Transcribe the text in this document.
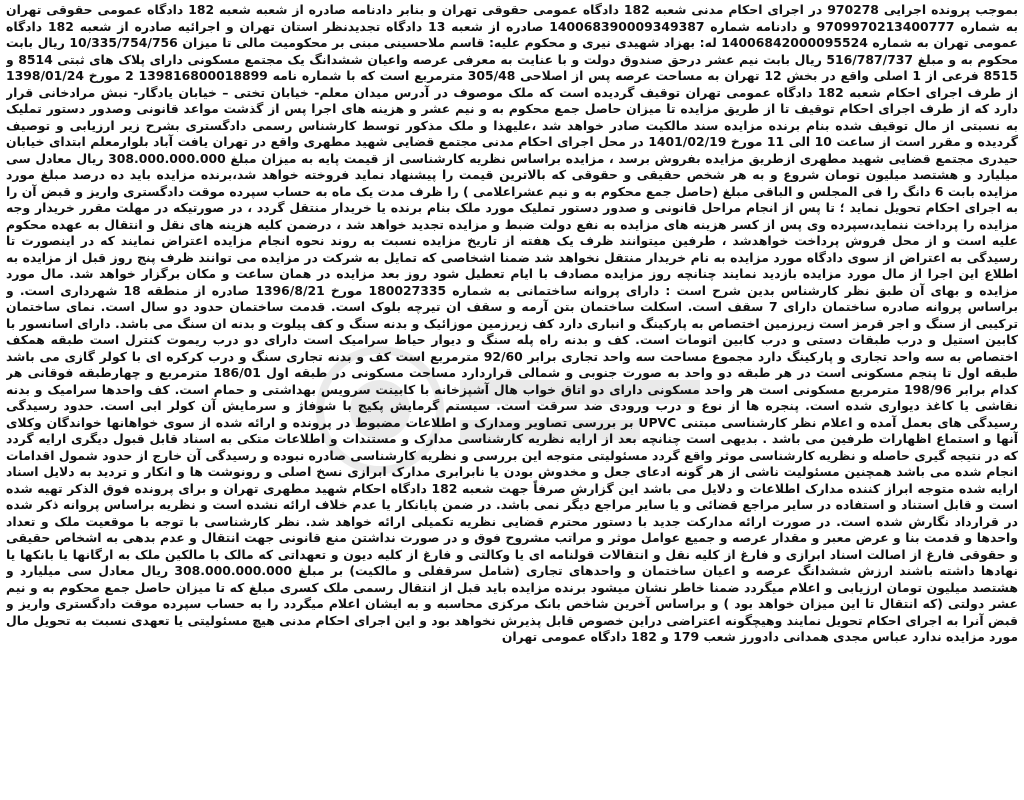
بموجب پرونده اجرایی 970278 در اجرای احکام مدنی شعبه 182 دادگاه عمومی حقوقی تهران و بنابر دادنامه صادره از شعبه شعبه 182 دادگاه عمومی حقوقی تهران به شماره 9709970213400777 و دادنامه شماره 140068390009349387 صادره از شعبه 13 دادگاه تجدیدنظر استان تهران و اجرائیه صادره از شعبه 182 دادگاه عمومی تهران به شماره 14006842000095524 له: بهزاد شهیدی نیری و محکوم علیه: قاسم ملاحسینی مبنی بر محکومیت مالی تا میزان 10/335/754/756 ریال بابت محکوم به و مبلغ 516/787/737 ریال بابت نیم عشر درحق صندوق دولت و با عنایت به معرفی عرصه واعیان ششدانگ یک مجتمع مسکونی دارای پلاک های ثبتی 8514 و 8515 فرعی از 1 اصلی واقع در بخش 12 تهران به مساحت عرصه پس از اصلاحی 305/48 مترمربع است که با شماره نامه 139816800018899 2 مورخ 1398/01/24 از طرف اجرای احکام شعبه 182 دادگاه عمومی تهران توقیف گردیده است که ملک موصوف در آدرس میدان معلم- خیابان تختی – خیابان یادگار- نبش مرادخانی قرار دارد که از طرف اجرای احکام توقیف تا از طریق مزایده تا میزان حاصل جمع محکوم به و نیم عشر و هزینه های اجرا پس از گذشت مواعد قانونی وصدور دستور تملیک به نسبتی از مال توقیف شده بنام برنده مزایده سند مالکیت صادر خواهد شد ،علیهذا و ملک مذکور توسط کارشناس رسمی دادگستری بشرح زیر ارزیابی و توصیف گردیده و مقرر است از ساعت 10 الی 11 مورخ 1401/02/19 در محل اجرای احکام مدنی مجتمع قضایی شهید مطهری واقع در تهران یافت آباد بلوارمعلم ابتدای خیابان حیدری مجتمع قضایی شهید مطهری ازطریق مزایده بفروش برسد ، مزایده براساس نظریه کارشناسی از قیمت پایه به میزان مبلغ 308.000.000.000 ریال معادل سی میلیارد و هشتصد میلیون تومان شروع و به هر شخص حقیقی و حقوقی که بالاترین قیمت را پیشنهاد نماید فروخته خواهد شد،برنده مزایده باید ده درصد مبلغ مورد مزایده بابت 6 دانگ را فی المجلس و الباقی مبلغ (حاصل جمع محکوم به و نیم عشراعلامی ) را ظرف مدت یک ماه به حساب سپرده موقت دادگستری واریز و قبض آن را به اجرای احکام تحویل نماید ؛ تا پس از انجام مراحل قانونی و صدور دستور تملیک مورد ملک بنام برنده یا خریدار منتقل گردد ، در صورتیکه در مهلت مقرر خریدار وجه مزایده را پرداخت ننماید،سپرده وی پس از کسر هزینه های مزایده به نفع دولت ضبط و مزایده تجدید خواهد شد ، درضمن کلیه هزینه های نقل و انتقال به عهده محکوم علیه است و از محل فروش پرداخت خواهدشد ، طرفین میتوانند ظرف یک هفته از تاریخ مزایده نسبت به روند نحوه انجام مزایده اعتراض نمایند که در اینصورت تا رسیدگی به اعتراض از سوی دادگاه مورد مزایده به نام خریدار منتقل نخواهد شد ضمنا اشخاصی که تمایل به شرکت در مزایده می توانند ظرف پنج روز قبل از مزایده به اطلاع این اجرا از مال مورد مزایده بازدید نمایند چنانچه روز مزایده مصادف با ایام تعطیل شود روز بعد مزایده در همان ساعت و مکان برگزار خواهد شد. مال مورد مزایده و بهای آن طبق نظر کارشناس بدین شرح است : دارای پروانه ساختمانی به شماره 180027335 مورخ 1396/8/21 صادره از منطقه 18 شهرداری است. و براساس پروانه صادره ساختمان دارای 7 سقف است. اسکلت ساختمان بتن آرمه و سقف ان تیرچه بلوک است. قدمت ساختمان حدود دو سال است. نمای ساختمان ترکیبی از سنگ و اجر قرمز است زیرزمین اختصاص به پارکینگ و انباری دارد کف زیرزمین موزائیک و بدنه سنگ و کف پیلوت و بدنه ان سنگ می باشد. دارای اسانسور با کابین استیل و درب طبقات دستی و درب کابین اتومات است. کف و بدنه راه پله سنگ و دیوار حیاط سرامیک است دارای دو درب ریموت کنترل است طبقه همکف اختصاص به سه واحد تجاری و پارکینگ دارد مجموع مساحت سه واحد تجاری برابر 92/60 مترمربع است کف و بدنه تجاری سنگ و درب کرکره ای با کولر گازی می باشد طبقه اول تا پنجم مسکونی است در هر طبقه دو واحد به صورت جنوبی و شمالی قراردارد مساحت مسکونی در طبقه اول 186/01 مترمربع و چهارطبقه فوقانی هر کدام برابر 198/96 مترمربع مسکونی است هر واحد مسکونی دارای دو اتاق خواب هال آشپزخانه با کابینت سرویس بهداشتی و حمام است. کف واحدها سرامیک و بدنه نقاشی یا کاغذ دیواری شده است. پنجره ها از نوع و درب ورودی ضد سرقت است. سیستم گرمایش پکیج با شوفاژ و سرمایش آن کولر ابی است. حدود رسیدگی رسیدگی های بعمل آمده و اعلام نظر کارشناسی مبتنی UPVC بر بررسی تصاویر ومدارک و اطلاعات مضبوط در پرونده و ارائه شده از سوی خواهانها خواندگان وکلای آنها و استماع اظهارات طرفین می باشد . بدیهی است چنانچه بعد از ارایه نظریه کارشناسی مدارک و مستندات و اطلاعات متکی به اسناد قابل قبول دیگری ارایه گردد که در نتیجه گیری حاصله و نظریه کارشناسی موثر واقع گردد مسئولیتی متوجه این بررسی و نظریه کارشناسی صادره نبوده و رسیدگی آن خارج از حدود شمول اقدامات انجام شده می باشد همچنین مسئولیت ناشی از هر گونه ادعای جعل و مخدوش بودن یا نابرابری مدارک ابرازی نسخ اصلی و رونوشت ها و انکار و تردید به دلایل اسناد ارایه شده متوجه ابراز کننده مدارک اطلاعات و دلایل می باشد این گزارش صرفاً جهت شعبه 182 دادگاه احکام شهید مطهری تهران و برای پرونده فوق الذکر تهیه شده است و قابل استناد و استفاده در سایر مراجع قضائی و یا سایر مراجع دیگر نمی باشد. در ضمن پایانکار یا عدم خلاف ارائه نشده است و نظریه براساس پروانه ذکر شده در قرارداد نگارش شده است. در صورت ارائه مدارکت جدید با دستور محترم قضایی نظریه تکمیلی ارائه خواهد شد. نظر کارشناسی با توجه با موقعیت ملک و تعداد واحدها و قدمت بنا و عرض معبر و مقدار عرصه و جمیع عوامل موثر و مراتب مشروح فوق و در صورت نداشتن منع قانونی جهت انتقال و عدم بدهی به اشخاص حقیقی و حقوقی فارغ از اصالت اسناد ابرازی و فارغ از کلیه نقل و انتقالات قولنامه ای یا وکالتی و فارغ از کلیه دیون و تعهداتی که مالک با مالکین ملک به ارگانها یا بانکها یا نهادها داشته باشند ارزش ششدانگ عرصه و اعیان ساختمان و واحدهای تجاری (شامل سرقفلی و مالکیت) بر مبلغ 308.000.000.000 ریال معادل سی میلیارد و هشتصد میلیون تومان ارزیابی و اعلام میگردد ضمنا خاطر نشان میشود برنده مزایده باید قبل از انتقال رسمی ملک کسری مبلغ که تا میزان حاصل جمع محکوم به و نیم عشر دولتی (که انتقال تا این میزان خواهد بود ) و براساس آخرین شاخص بانک مرکزی محاسبه و به ایشان اعلام میگردد را به حساب سپرده موقت دادگستری واریز و قبض آنرا به اجرای احکام تحویل نمایند وهیچگونه اعتراضی دراین خصوص قابل پذیرش نخواهد بود و این اجرای احکام مدنی هیچ مسئولیتی یا تعهدی نسبت به تحویل مال مورد مزایده ندارد عباس مجدی همدانی دادورز شعب 179 و 182 دادگاه عمومی تهران
